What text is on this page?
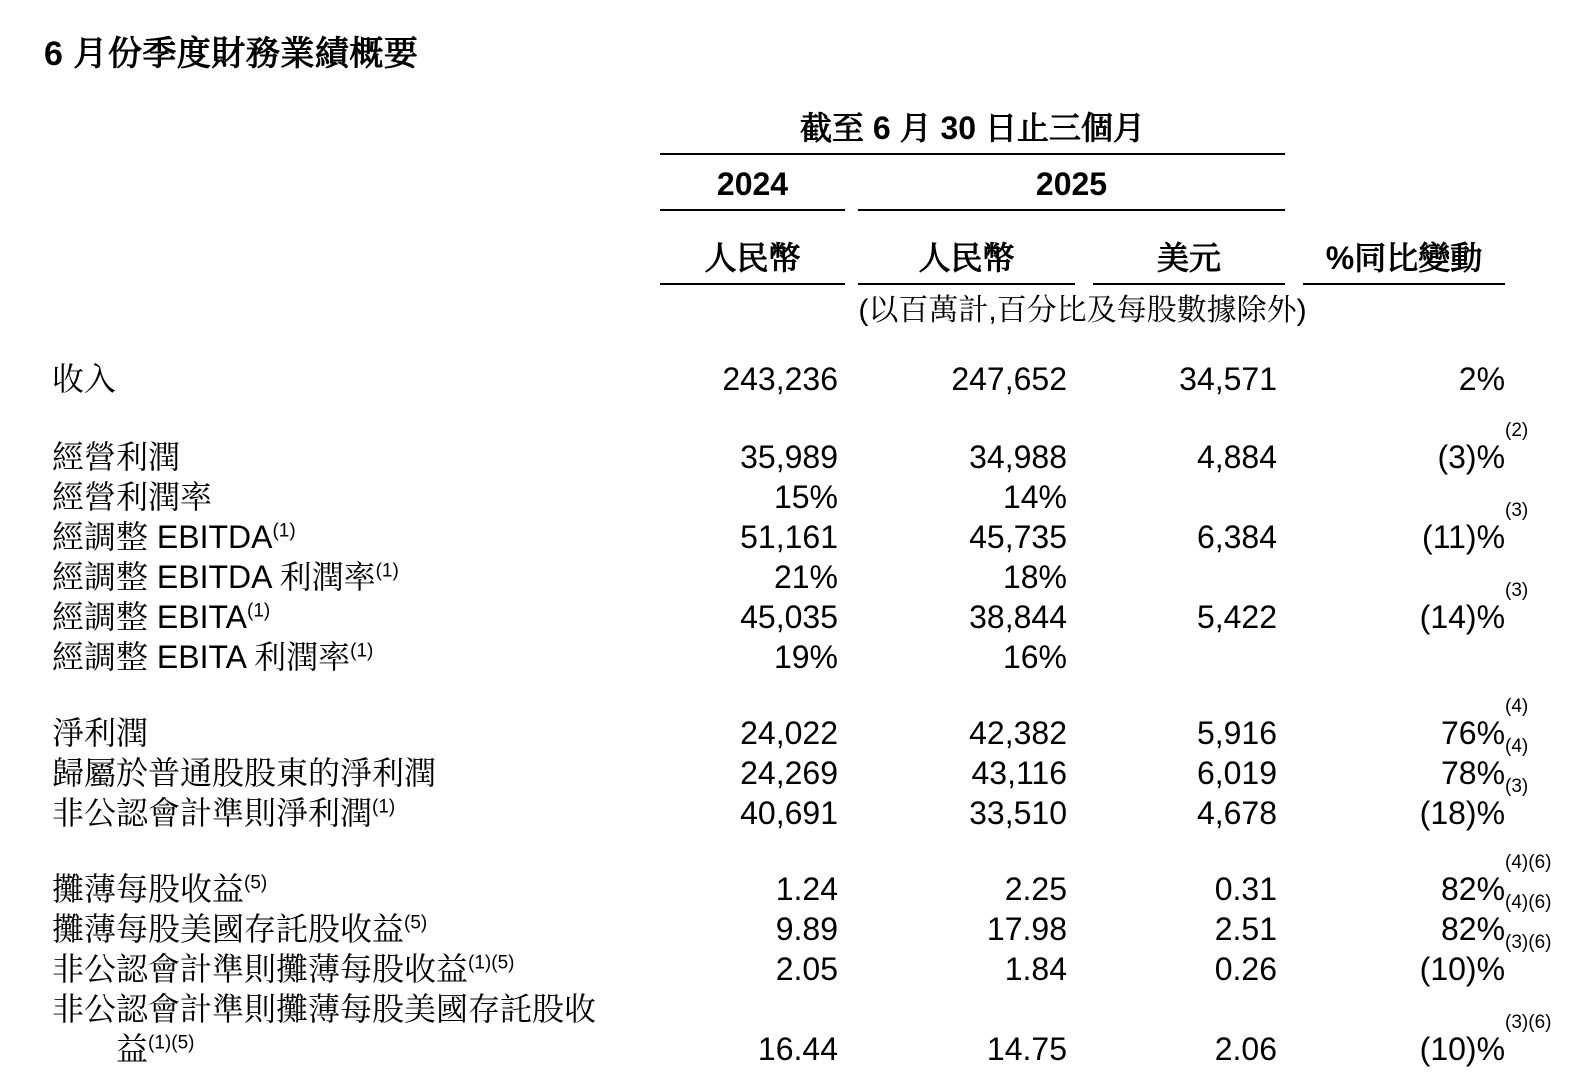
6 月份季度財務業績概要

	截至 6 月 30 日止三個月			

	2024	2025		

	人民幣	人民幣	美元	%同比變動

	(以百萬計,百分比及每股數據除外)			

收入	243,236	247,652	34,571	2%

經營利潤	35,989	34,988	4,884	(3)%
(2)

經營利潤率	15%	14%		

經調整 EBITDA$^{(1)}$	51,161	45,735	6,384	(11)%
(3)

經調整 EBITDA 利潤率$^{(1)}$	21%	18%		

經調整 EBITA$^{(1)}$	45,035	38,844	5,422	(14)%
(3)

經調整 EBITA 利潤率$^{(1)}$	19%	16%		

淨利潤	24,022	42,382	5,916	76%
(4)

歸屬於普通股股東的淨利潤	24,269	43,116	6,019	78%
(4)

非公認會計準則淨利潤$^{(1)}$	40,691	33,510	4,678	(18)%
(3)

攤薄每股收益$^{(5)}$	1.24	2.25	0.31	82%
(4)(6)

攤薄每股美國存託股收益$^{(5)}$	9.89	17.98	2.51	82%
(4)(6)

非公認會計準則攤薄每股收益$^{(1)(5)}$	2.05	1.84	0.26	(10)%
(3)(6)

非公認會計準則攤薄每股美國存託股收
益$^{(1)(5)}$	16.44	14.75	2.06	(10)%
(3)(6)
